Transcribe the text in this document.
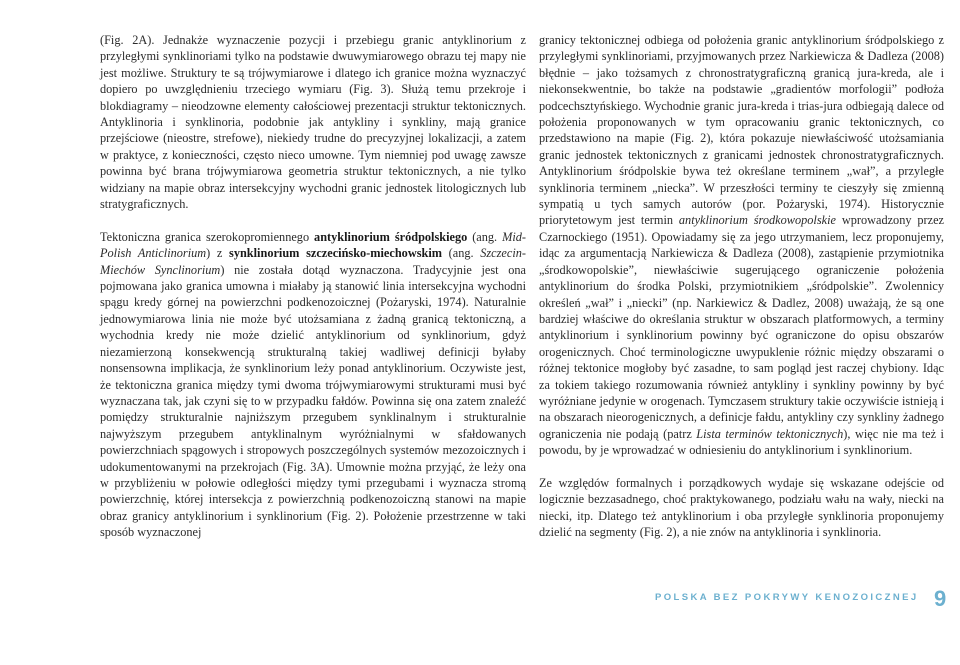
(Fig. 2A). Jednakże wyznaczenie pozycji i przebiegu granic antyklinorium z przyległymi synklinoriami tylko na podstawie dwuwymiarowego obrazu tej mapy nie jest możliwe. Struktury te są trójwymiarowe i dlatego ich granice można wyznaczyć dopiero po uwzględnieniu trzeciego wymiaru (Fig. 3). Służą temu przekroje i blokdiagramy – nieodzowne elementy całościowej prezentacji struktur tektonicznych. Antyklinoria i synklinoria, podobnie jak antykliny i synkliny, mają granice przejściowe (nieostre, strefowe), niekiedy trudne do precyzyjnej lokalizacji, a zatem w praktyce, z konieczności, często nieco umowne. Tym niemniej pod uwagę zawsze powinna być brana trójwymiarowa geometria struktur tektonicznych, a nie tylko widziany na mapie obraz intersekcyjny wychodni granic jednostek litologicznych lub stratygraficznych.

Tektoniczna granica szerokopromiennego antyklinorium śródpolskiego (ang. Mid-Polish Anticlinorium) z synklinorium szczecińsko-miechowskim (ang. Szczecin-Miechów Synclinorium) nie została dotąd wyznaczona. Tradycyjnie jest ona pojmowana jako granica umowna i miałaby ją stanowić linia intersekcyjna wychodni spągu kredy górnej na powierzchni podkenozoicznej (Pożaryski, 1974). Naturalnie jednowymiarowa linia nie może być utożsamiana z żadną granicą tektoniczną, a wychodnia kredy nie może dzielić antyklinorium od synklinorium, gdyż niezamierzoną konsekwencją strukturalną takiej wadliwej definicji byłaby nonsensowna implikacja, że synklinorium leży ponad antyklinorium. Oczywiste jest, że tektoniczna granica między tymi dwoma trójwymiarowymi strukturami musi być wyznaczana tak, jak czyni się to w przypadku fałdów. Powinna się ona zatem znaleźć pomiędzy strukturalnie najniższym przegubem synklinalnym i strukturalnie najwyższym przegubem antyklinalnym wyróżnialnymi w sfałdowanych powierzchniach spągowych i stropowych poszczególnych systemów mezozoicznych i udokumentowanymi na przekrojach (Fig. 3A). Umownie można przyjąć, że leży ona w przybliżeniu w połowie odległości między tymi przegubami i wyznacza stromą powierzchnię, której intersekcja z powierzchnią podkenozoiczną stanowi na mapie obraz granicy antyklinorium i synklinorium (Fig. 2). Położenie przestrzenne w taki sposób wyznaczonej

granicy tektonicznej odbiega od położenia granic antyklinorium śródpolskiego z przyległymi synklinoriami, przyjmowanych przez Narkiewicza & Dadleza (2008) błędnie – jako tożsamych z chronostratygraficzną granicą jura-kreda, ale i niekonsekwentnie, bo także na podstawie „gradientów morfologii” podłoża podcechsztyńskiego. Wychodnie granic jura-kreda i trias-jura odbiegają dalece od położenia proponowanych w tym opracowaniu granic tektonicznych, co przedstawiono na mapie (Fig. 2), która pokazuje niewłaściwość utożsamiania granic jednostek tektonicznych z granicami jednostek chronostratygraficznych. Antyklinorium śródpolskie bywa też określane terminem „wał”, a przyległe synklinoria terminem „niecka”. W przeszłości terminy te cieszyły się zmienną sympatią u tych samych autorów (por. Pożaryski, 1974). Historycznie priorytetowym jest termin antyklinorium środkowopolskie wprowadzony przez Czarnockiego (1951). Opowiadamy się za jego utrzymaniem, lecz proponujemy, idąc za argumentacją Narkiewicza & Dadleza (2008), zastąpienie przymiotnika „środkowopolskie”, niewłaściwie sugerującego ograniczenie położenia antyklinorium do środka Polski, przymiotnikiem „śródpolskie”. Zwolennicy określeń „wał” i „niecki” (np. Narkiewicz & Dadlez, 2008) uważają, że są one bardziej właściwe do określania struktur w obszarach platformowych, a terminy antyklinorium i synklinorium powinny być ograniczone do opisu obszarów orogenicznych. Choć terminologiczne uwypuklenie różnic między obszarami o różnej tektonice mogłoby być zasadne, to sam pogląd jest raczej chybiony. Idąc za tokiem takiego rozumowania również antykliny i synkliny powinny by być wyróżniane jedynie w orogenach. Tymczasem struktury takie oczywiście istnieją i na obszarach nieorogenicznych, a definicje fałdu, antykliny czy synkliny żadnego ograniczenia nie podają (patrz Lista terminów tektonicznych), więc nie ma też i powodu, by je wprowadzać w odniesieniu do antyklinorium i synklinorium.

Ze względów formalnych i porządkowych wydaje się wskazane odejście od logicznie bezzasadnego, choć praktykowanego, podziału wału na wały, niecki na niecki, itp. Dlatego też antyklinorium i oba przyległe synklinoria proponujemy dzielić na segmenty (Fig. 2), a nie znów na antyklinoria i synklinoria.

POLSKA BEZ POKRYWY KENOZOICZNEJ 9
